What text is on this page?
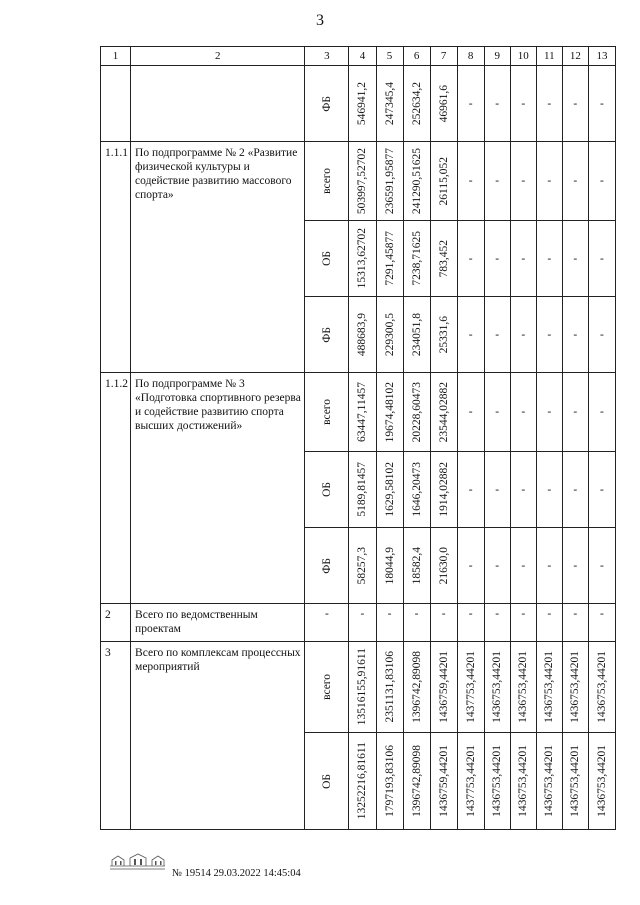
3
1	2	3	4	5	6	7	8	9	10	11	12	13

		ФБ	546941,2	247345,4	252634,2	46961,6	-	-	-	-	-	-

1.1.1	По подпрограмме № 2 «Развитие физической культуры и содействие развитию массового спорта»	всего	503997,52702	236591,95877	241290,51625	26115,052	-	-	-	-	-	-

		ОБ	15313,62702	7291,45877	7238,71625	783,452	-	-	-	-	-	-

		ФБ	488683,9	229300,5	234051,8	25331,6	-	-	-	-	-	-

1.1.2	По подпрограмме № 3 «Подготовка спортивного резерва и содействие развитию спорта высших достижений»	всего	63447,11457	19674,48102	20228,60473	23544,02882	-	-	-	-	-	-

		ОБ	5189,81457	1629,58102	1646,20473	1914,02882	-	-	-	-	-	-

		ФБ	58257,3	18044,9	18582,4	21630,0	-	-	-	-	-	-

2	Всего по ведомственным проектам	-	-	-	-	-	-	-	-	-	-	-

3	Всего по комплексам процессных мероприятий	всего	13516155,91611	2351131,83106	1396742,89098	1436759,44201	1437753,44201	1436753,44201	1436753,44201	1436753,44201	1436753,44201	1436753,44201

		ОБ	13252216,81611	1797193,83106	1396742,89098	1436759,44201	1437753,44201	1436753,44201	1436753,44201	1436753,44201	1436753,44201	1436753,44201
№ 19514 29.03.2022 14:45:04
